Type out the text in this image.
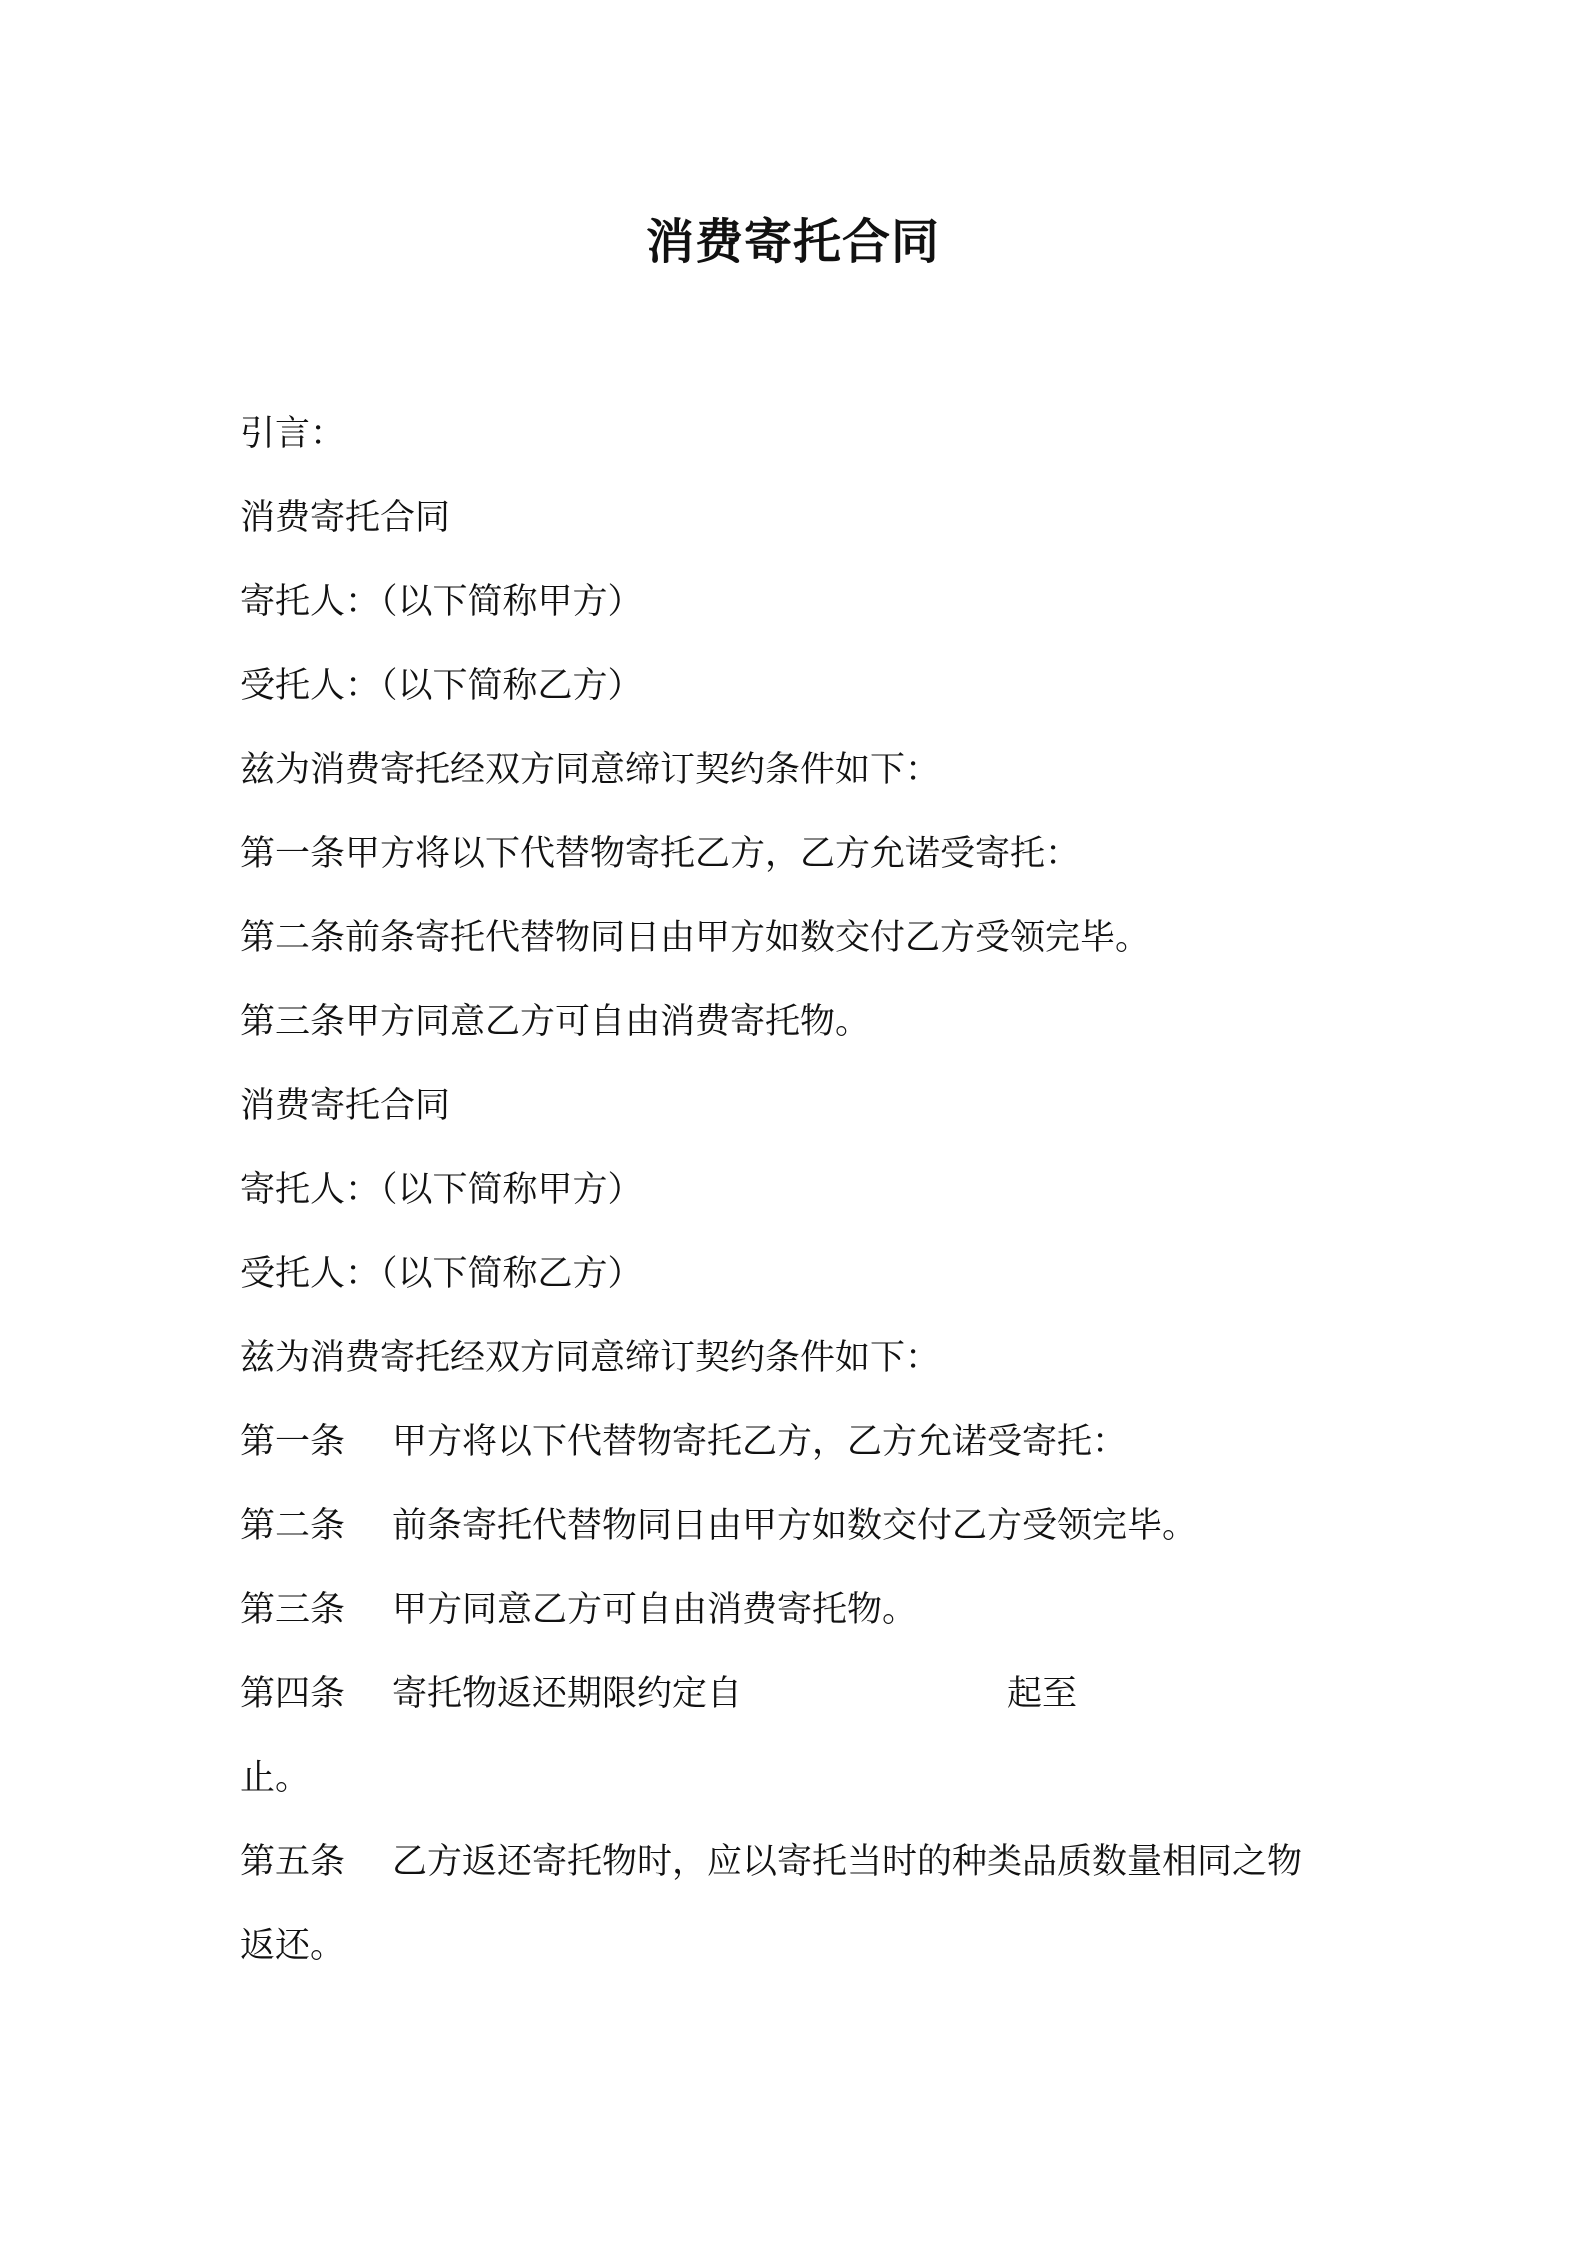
消费寄托合同
引言：
消费寄托合同
寄托人：（以下简称甲方）
受托人：（以下简称乙方）
兹为消费寄托经双方同意缔订契约条件如下：
第一条甲方将以下代替物寄托乙方，乙方允诺受寄托：
第二条前条寄托代替物同日由甲方如数交付乙方受领完毕。
第三条甲方同意乙方可自由消费寄托物。
消费寄托合同
寄托人：（以下简称甲方）
受托人：（以下简称乙方）
兹为消费寄托经双方同意缔订契约条件如下：
第一条 甲方将以下代替物寄托乙方，乙方允诺受寄托：
第二条 前条寄托代替物同日由甲方如数交付乙方受领完毕。
第三条 甲方同意乙方可自由消费寄托物。
第四条 寄托物返还期限约定自	起至
止。
第五条 乙方返还寄托物时，应以寄托当时的种类品质数量相同之物
返还。
